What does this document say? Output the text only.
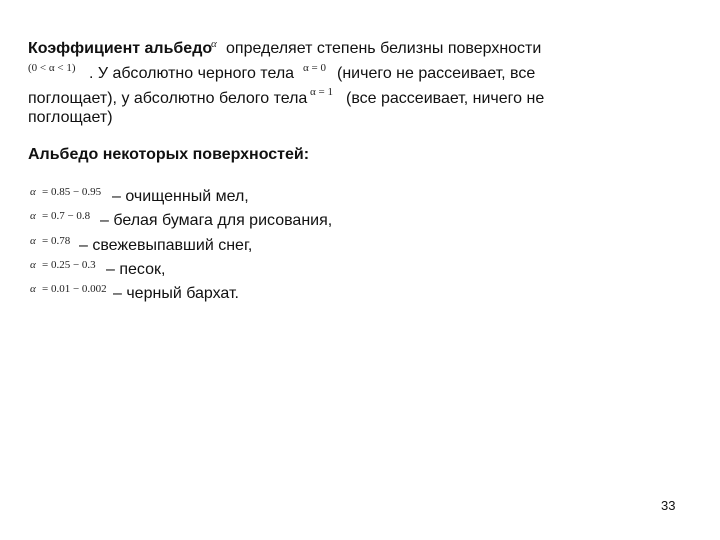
Коэффициент альбедо
α определяет степень белизны поверхности
(0 < α < 1) . У абсолютно черного тела α = 0 (ничего не рассеивает, все
поглощает), у абсолютно белого тела α = 1 (все рассеивает, ничего не
поглощает)
Альбедо некоторых поверхностей:
α = 0.85 − 0.95 – очищенный мел,
α = 0.7 − 0.8 – белая бумага для рисования,
α = 0.78 – свежевыпавший снег,
α = 0.25 − 0.3 – песок,
α = 0.01 − 0.002 – черный бархат.
33
